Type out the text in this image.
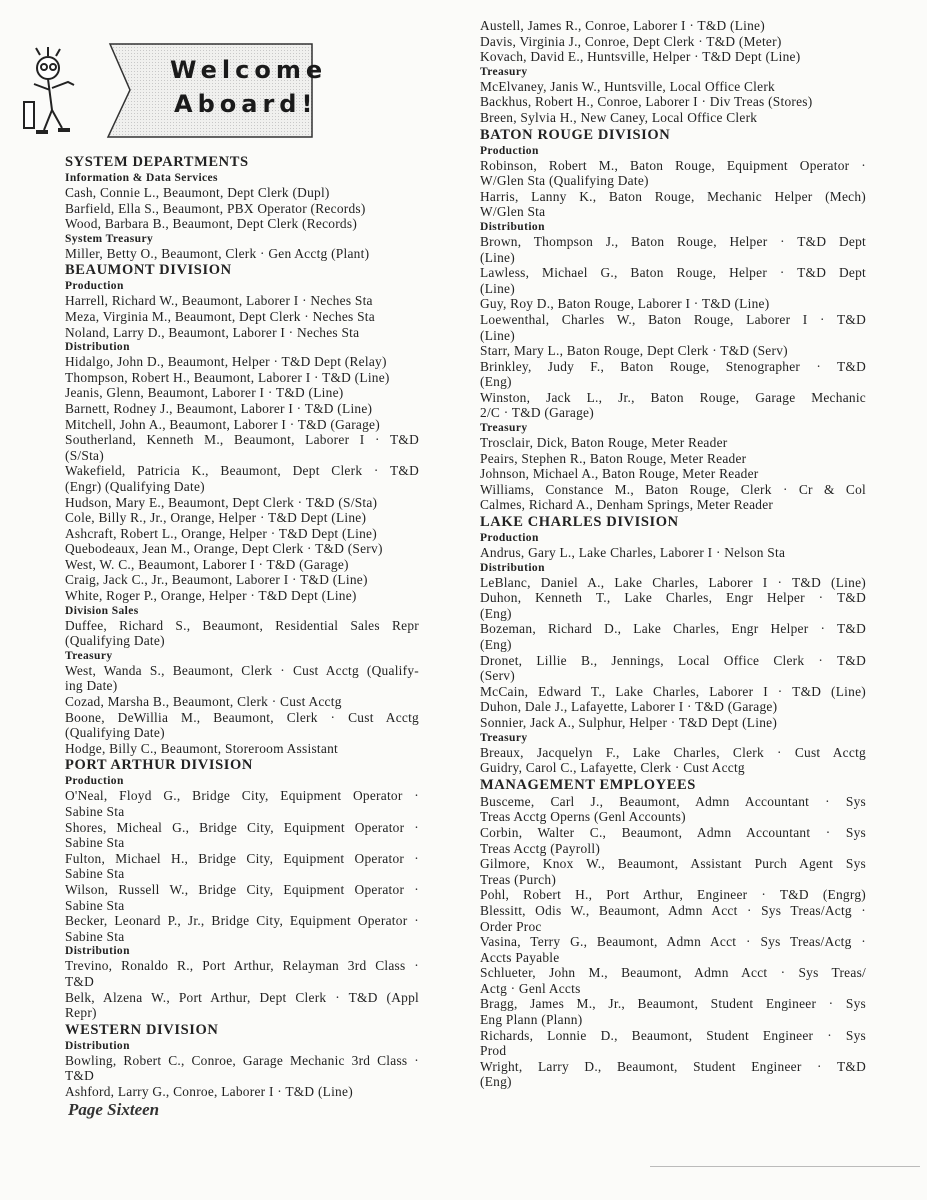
Welcome
Aboard!
SYSTEM DEPARTMENTS
Information & Data Services
Cash, Connie L., Beaumont, Dept Clerk (Dupl)
Barfield, Ella S., Beaumont, PBX Operator (Records)
Wood, Barbara B., Beaumont, Dept Clerk (Records)
System Treasury
Miller, Betty O., Beaumont, Clerk · Gen Acctg (Plant)
BEAUMONT DIVISION
Production
Harrell, Richard W., Beaumont, Laborer I · Neches Sta
Meza, Virginia M., Beaumont, Dept Clerk · Neches Sta
Noland, Larry D., Beaumont, Laborer I · Neches Sta
Distribution
Hidalgo, John D., Beaumont, Helper · T&D Dept (Relay)
Thompson, Robert H., Beaumont, Laborer I · T&D (Line)
Jeanis, Glenn, Beaumont, Laborer I · T&D (Line)
Barnett, Rodney J., Beaumont, Laborer I · T&D (Line)
Mitchell, John A., Beaumont, Laborer I · T&D (Garage)
Southerland, Kenneth M., Beaumont, Laborer I · T&D
(S/Sta)
Wakefield, Patricia K., Beaumont, Dept Clerk · T&D
(Engr) (Qualifying Date)
Hudson, Mary E., Beaumont, Dept Clerk · T&D (S/Sta)
Cole, Billy R., Jr., Orange, Helper · T&D Dept (Line)
Ashcraft, Robert L., Orange, Helper · T&D Dept (Line)
Quebodeaux, Jean M., Orange, Dept Clerk · T&D (Serv)
West, W. C., Beaumont, Laborer I · T&D (Garage)
Craig, Jack C., Jr., Beaumont, Laborer I · T&D (Line)
White, Roger P., Orange, Helper · T&D Dept (Line)
Division Sales
Duffee, Richard S., Beaumont, Residential Sales Repr
(Qualifying Date)
Treasury
West, Wanda S., Beaumont, Clerk · Cust Acctg (Qualify-
ing Date)
Cozad, Marsha B., Beaumont, Clerk · Cust Acctg
Boone, DeWillia M., Beaumont, Clerk · Cust Acctg
(Qualifying Date)
Hodge, Billy C., Beaumont, Storeroom Assistant
PORT ARTHUR DIVISION
Production
O'Neal, Floyd G., Bridge City, Equipment Operator ·
Sabine Sta
Shores, Micheal G., Bridge City, Equipment Operator ·
Sabine Sta
Fulton, Michael H., Bridge City, Equipment Operator ·
Sabine Sta
Wilson, Russell W., Bridge City, Equipment Operator ·
Sabine Sta
Becker, Leonard P., Jr., Bridge City, Equipment Operator ·
Sabine Sta
Distribution
Trevino, Ronaldo R., Port Arthur, Relayman 3rd Class ·
T&D
Belk, Alzena W., Port Arthur, Dept Clerk · T&D (Appl
Repr)
WESTERN DIVISION
Distribution
Bowling, Robert C., Conroe, Garage Mechanic 3rd Class ·
T&D
Ashford, Larry G., Conroe, Laborer I · T&D (Line)
Austell, James R., Conroe, Laborer I · T&D (Line)
Davis, Virginia J., Conroe, Dept Clerk · T&D (Meter)
Kovach, David E., Huntsville, Helper · T&D Dept (Line)
Treasury
McElvaney, Janis W., Huntsville, Local Office Clerk
Backhus, Robert H., Conroe, Laborer I · Div Treas (Stores)
Breen, Sylvia H., New Caney, Local Office Clerk
BATON ROUGE DIVISION
Production
Robinson, Robert M., Baton Rouge, Equipment Operator ·
W/Glen Sta (Qualifying Date)
Harris, Lanny K., Baton Rouge, Mechanic Helper (Mech)
W/Glen Sta
Distribution
Brown, Thompson J., Baton Rouge, Helper · T&D Dept
(Line)
Lawless, Michael G., Baton Rouge, Helper · T&D Dept
(Line)
Guy, Roy D., Baton Rouge, Laborer I · T&D (Line)
Loewenthal, Charles W., Baton Rouge, Laborer I · T&D
(Line)
Starr, Mary L., Baton Rouge, Dept Clerk · T&D (Serv)
Brinkley, Judy F., Baton Rouge, Stenographer · T&D
(Eng)
Winston, Jack L., Jr., Baton Rouge, Garage Mechanic
2/C · T&D (Garage)
Treasury
Trosclair, Dick, Baton Rouge, Meter Reader
Peairs, Stephen R., Baton Rouge, Meter Reader
Johnson, Michael A., Baton Rouge, Meter Reader
Williams, Constance M., Baton Rouge, Clerk · Cr & Col
Calmes, Richard A., Denham Springs, Meter Reader
LAKE CHARLES DIVISION
Production
Andrus, Gary L., Lake Charles, Laborer I · Nelson Sta
Distribution
LeBlanc, Daniel A., Lake Charles, Laborer I · T&D (Line)
Duhon, Kenneth T., Lake Charles, Engr Helper · T&D
(Eng)
Bozeman, Richard D., Lake Charles, Engr Helper · T&D
(Eng)
Dronet, Lillie B., Jennings, Local Office Clerk · T&D
(Serv)
McCain, Edward T., Lake Charles, Laborer I · T&D (Line)
Duhon, Dale J., Lafayette, Laborer I · T&D (Garage)
Sonnier, Jack A., Sulphur, Helper · T&D Dept (Line)
Treasury
Breaux, Jacquelyn F., Lake Charles, Clerk · Cust Acctg
Guidry, Carol C., Lafayette, Clerk · Cust Acctg
MANAGEMENT EMPLOYEES
Busceme, Carl J., Beaumont, Admn Accountant · Sys
Treas Acctg Operns (Genl Accounts)
Corbin, Walter C., Beaumont, Admn Accountant · Sys
Treas Acctg (Payroll)
Gilmore, Knox W., Beaumont, Assistant Purch Agent Sys
Treas (Purch)
Pohl, Robert H., Port Arthur, Engineer · T&D (Engrg)
Blessitt, Odis W., Beaumont, Admn Acct · Sys Treas/Actg ·
Order Proc
Vasina, Terry G., Beaumont, Admn Acct · Sys Treas/Actg ·
Accts Payable
Schlueter, John M., Beaumont, Admn Acct · Sys Treas/
Actg · Genl Accts
Bragg, James M., Jr., Beaumont, Student Engineer · Sys
Eng Plann (Plann)
Richards, Lonnie D., Beaumont, Student Engineer · Sys
Prod
Wright, Larry D., Beaumont, Student Engineer · T&D
(Eng)
Page Sixteen
